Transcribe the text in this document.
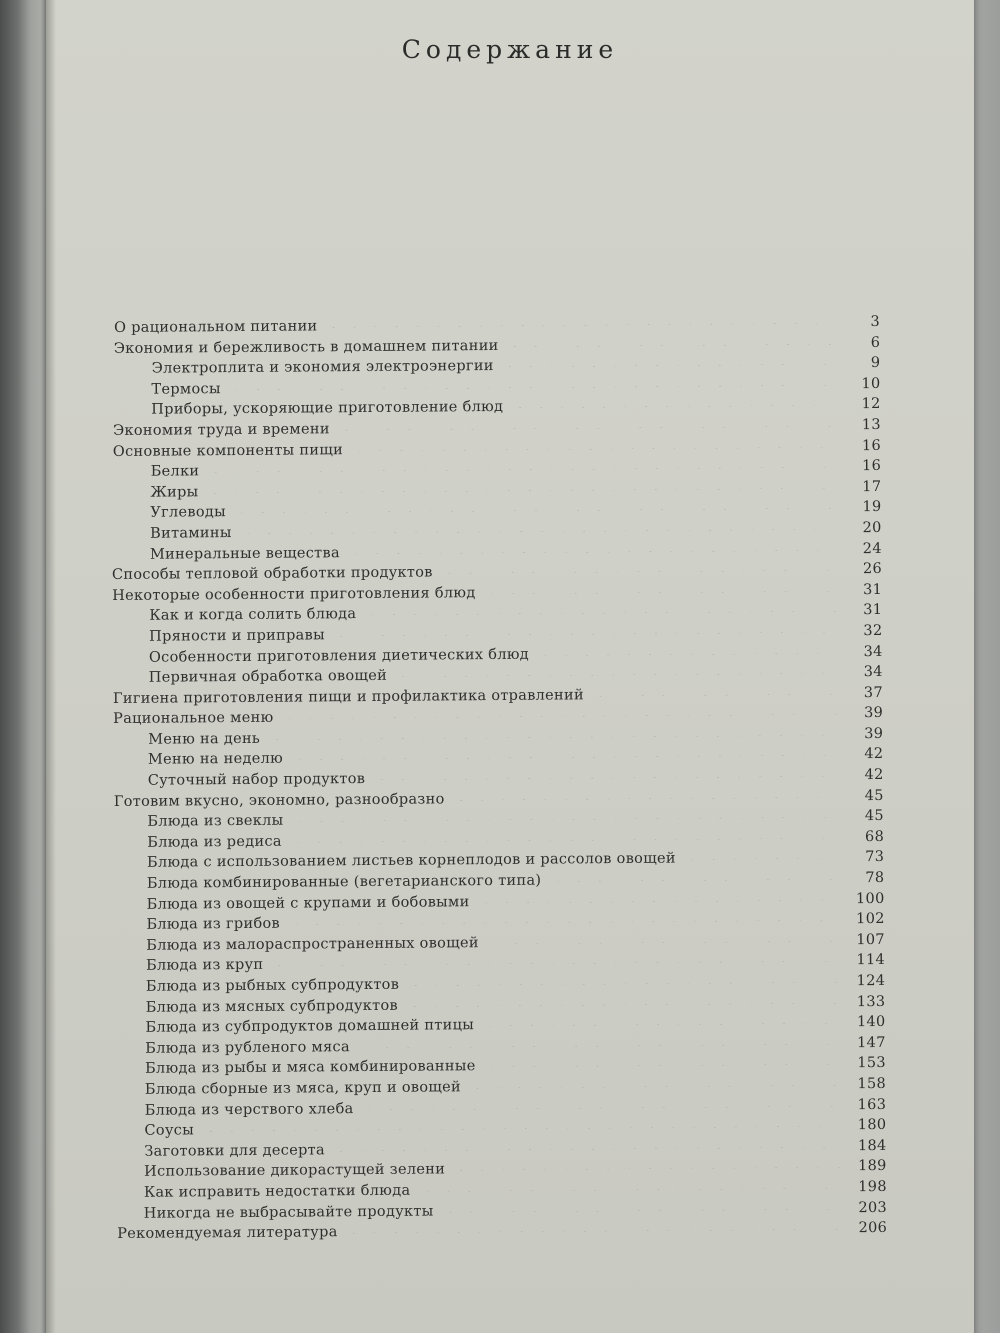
Содержание
О рациональном питании	3
Экономия и бережливость в домашнем питании	6
Электроплита и экономия электроэнергии	9
Термосы	10
Приборы, ускоряющие приготовление блюд	12
Экономия труда и времени	13
Основные компоненты пищи	16
Белки	16
Жиры	17
Углеводы	19
Витамины	20
Минеральные вещества	24
Способы тепловой обработки продуктов	26
Некоторые особенности приготовления блюд	31
Как и когда солить блюда	31
Пряности и приправы	32
Особенности приготовления диетических блюд	34
Первичная обработка овощей	34
Гигиена приготовления пищи и профилактика отравлений	37
Рациональное меню	39
Меню на день	39
Меню на неделю	42
Суточный набор продуктов	42
Готовим вкусно, экономно, разнообразно	45
Блюда из свеклы	45
Блюда из редиса	68
Блюда с использованием листьев корнеплодов и рассолов овощей	73
Блюда комбинированные (вегетарианского типа)	78
Блюда из овощей с крупами и бобовыми	100
Блюда из грибов	102
Блюда из малораспространенных овощей	107
Блюда из круп	114
Блюда из рыбных субпродуктов	124
Блюда из мясных субпродуктов	133
Блюда из субпродуктов домашней птицы	140
Блюда из рубленого мяса	147
Блюда из рыбы и мяса комбинированные	153
Блюда сборные из мяса, круп и овощей	158
Блюда из черствого хлеба	163
Соусы	180
Заготовки для десерта	184
Использование дикорастущей зелени	189
Как исправить недостатки блюда	198
Никогда не выбрасывайте продукты	203
Рекомендуемая литература	206
